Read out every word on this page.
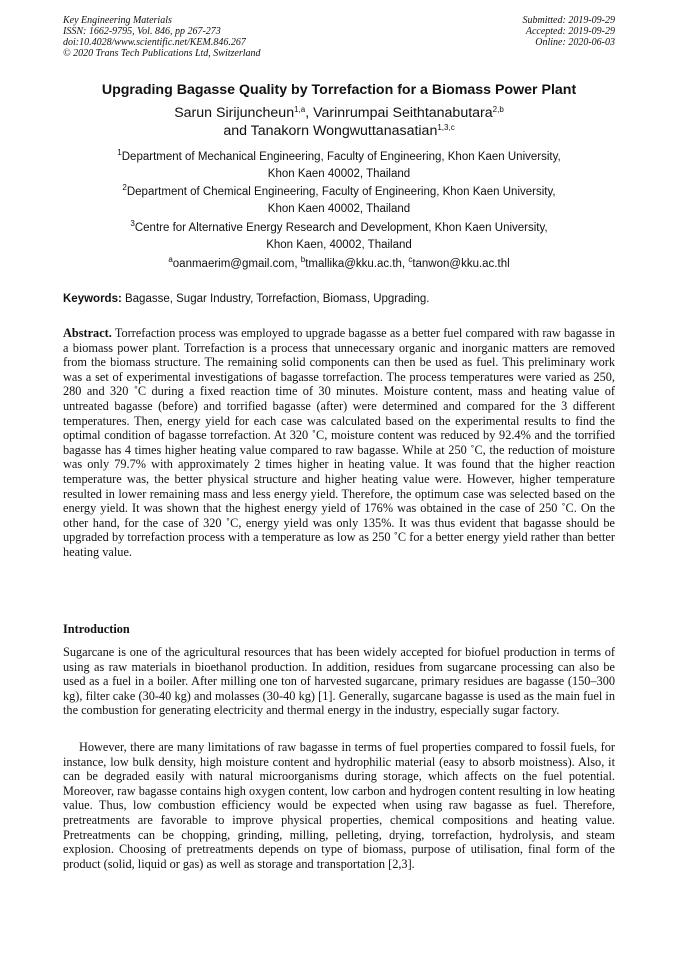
Key Engineering Materials
ISSN: 1662-9795, Vol. 846, pp 267-273
doi:10.4028/www.scientific.net/KEM.846.267
© 2020 Trans Tech Publications Ltd, Switzerland
Submitted: 2019-09-29
Accepted: 2019-09-29
Online: 2020-06-03
Upgrading Bagasse Quality by Torrefaction for a Biomass Power Plant
Sarun Sirijuncheun$^{1,a}$, Varinrumpai Seithtanabutara$^{2,b}$
and Tanakorn Wongwuttanasatian$^{1,3,c}$
$^1$Department of Mechanical Engineering, Faculty of Engineering, Khon Kaen University,
Khon Kaen 40002, Thailand
$^2$Department of Chemical Engineering, Faculty of Engineering, Khon Kaen University,
Khon Kaen 40002, Thailand
$^3$Centre for Alternative Energy Research and Development, Khon Kaen University,
Khon Kaen, 40002, Thailand
$^a$oanmaerim@gmail.com, $^b$tmallika@kku.ac.th, $^c$tanwon@kku.ac.thl
Keywords: Bagasse, Sugar Industry, Torrefaction, Biomass, Upgrading.

Abstract. Torrefaction process was employed to upgrade bagasse as a better fuel compared with raw bagasse in a biomass power plant. Torrefaction is a process that unnecessary organic and inorganic matters are removed from the biomass structure. The remaining solid components can then be used as fuel. This preliminary work was a set of experimental investigations of bagasse torrefaction. The process temperatures were varied as 250, 280 and 320 ˚C during a fixed reaction time of 30 minutes. Moisture content, mass and heating value of untreated bagasse (before) and torrified bagasse (after) were determined and compared for the 3 different temperatures. Then, energy yield for each case was calculated based on the experimental results to find the optimal condition of bagasse torrefaction. At 320 ˚C, moisture content was reduced by 92.4% and the torrified bagasse has 4 times higher heating value compared to raw bagasse. While at 250 ˚C, the reduction of moisture was only 79.7% with approximately 2 times higher in heating value. It was found that the higher reaction temperature was, the better physical structure and higher heating value were. However, higher temperature resulted in lower remaining mass and less energy yield. Therefore, the optimum case was selected based on the energy yield. It was shown that the highest energy yield of 176% was obtained in the case of 250 ˚C. On the other hand, for the case of 320 ˚C, energy yield was only 135%. It was thus evident that bagasse should be upgraded by torrefaction process with a temperature as low as 250 ˚C for a better energy yield rather than better heating value.

Introduction

Sugarcane is one of the agricultural resources that has been widely accepted for biofuel production in terms of using as raw materials in bioethanol production. In addition, residues from sugarcane processing can also be used as a fuel in a boiler. After milling one ton of harvested sugarcane, primary residues are bagasse (150–300 kg), filter cake (30-40 kg) and molasses (30-40 kg) [1]. Generally, sugarcane bagasse is used as the main fuel in the combustion for generating electricity and thermal energy in the industry, especially sugar factory.

However, there are many limitations of raw bagasse in terms of fuel properties compared to fossil fuels, for instance, low bulk density, high moisture content and hydrophilic material (easy to absorb moistness). Also, it can be degraded easily with natural microorganisms during storage, which affects on the fuel potential. Moreover, raw bagasse contains high oxygen content, low carbon and hydrogen content resulting in low heating value. Thus, low combustion efficiency would be expected when using raw bagasse as fuel. Therefore, pretreatments are favorable to improve physical properties, chemical compositions and heating value. Pretreatments can be chopping, grinding, milling, pelleting, drying, torrefaction, hydrolysis, and steam explosion. Choosing of pretreatments depends on type of biomass, purpose of utilisation, final form of the product (solid, liquid or gas) as well as storage and transportation [2,3].
